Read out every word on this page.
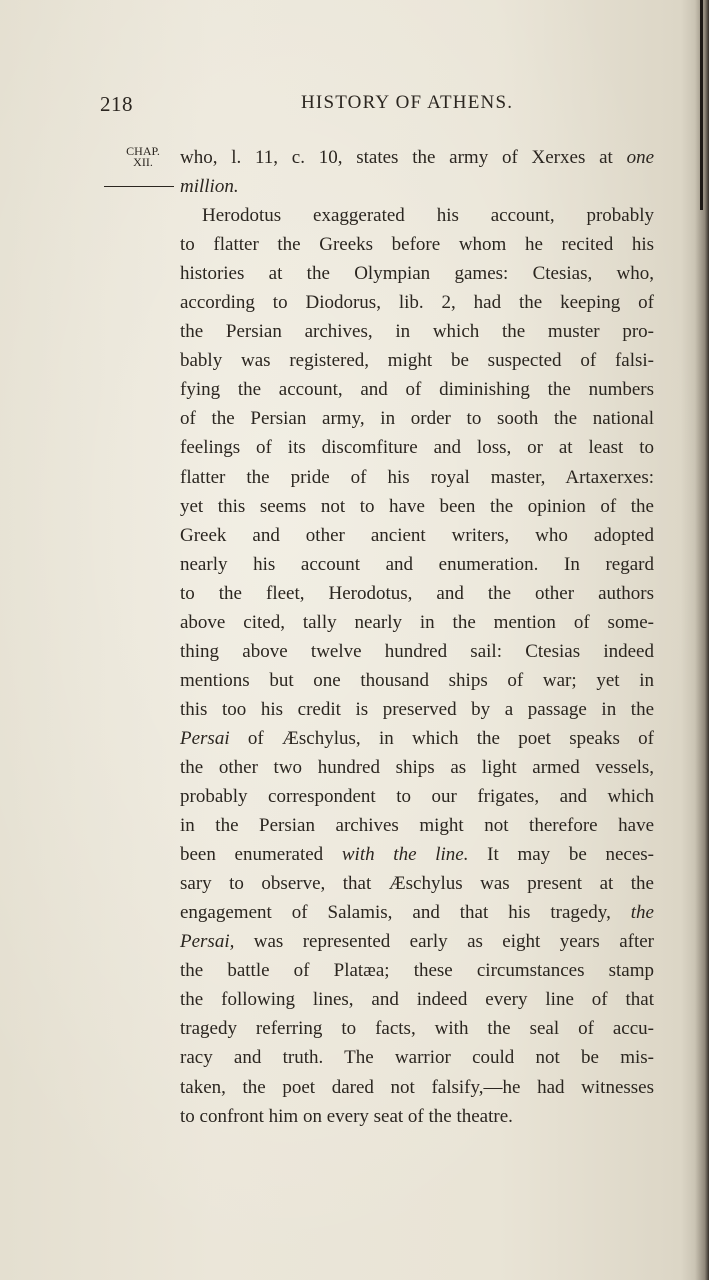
218	HISTORY OF ATHENS.
CHAP.
XII.	who, l. 11, c. 10, states the army of Xerxes at one
million.
Herodotus exaggerated his account, probably
to flatter the Greeks before whom he recited his
histories at the Olympian games: Ctesias, who,
according to Diodorus, lib. 2, had the keeping of
the Persian archives, in which the muster pro-
bably was registered, might be suspected of falsi-
fying the account, and of diminishing the numbers
of the Persian army, in order to sooth the national
feelings of its discomfiture and loss, or at least to
flatter the pride of his royal master, Artaxerxes:
yet this seems not to have been the opinion of the
Greek and other ancient writers, who adopted
nearly his account and enumeration. In regard
to the fleet, Herodotus, and the other authors
above cited, tally nearly in the mention of some-
thing above twelve hundred sail: Ctesias indeed
mentions but one thousand ships of war; yet in
this too his credit is preserved by a passage in the
Persai of Æschylus, in which the poet speaks of
the other two hundred ships as light armed vessels,
probably correspondent to our frigates, and which
in the Persian archives might not therefore have
been enumerated with the line. It may be neces-
sary to observe, that Æschylus was present at the
engagement of Salamis, and that his tragedy, the
Persai, was represented early as eight years after
the battle of Platæa; these circumstances stamp
the following lines, and indeed every line of that
tragedy referring to facts, with the seal of accu-
racy and truth. The warrior could not be mis-
taken, the poet dared not falsify,—he had witnesses
to confront him on every seat of the theatre.
